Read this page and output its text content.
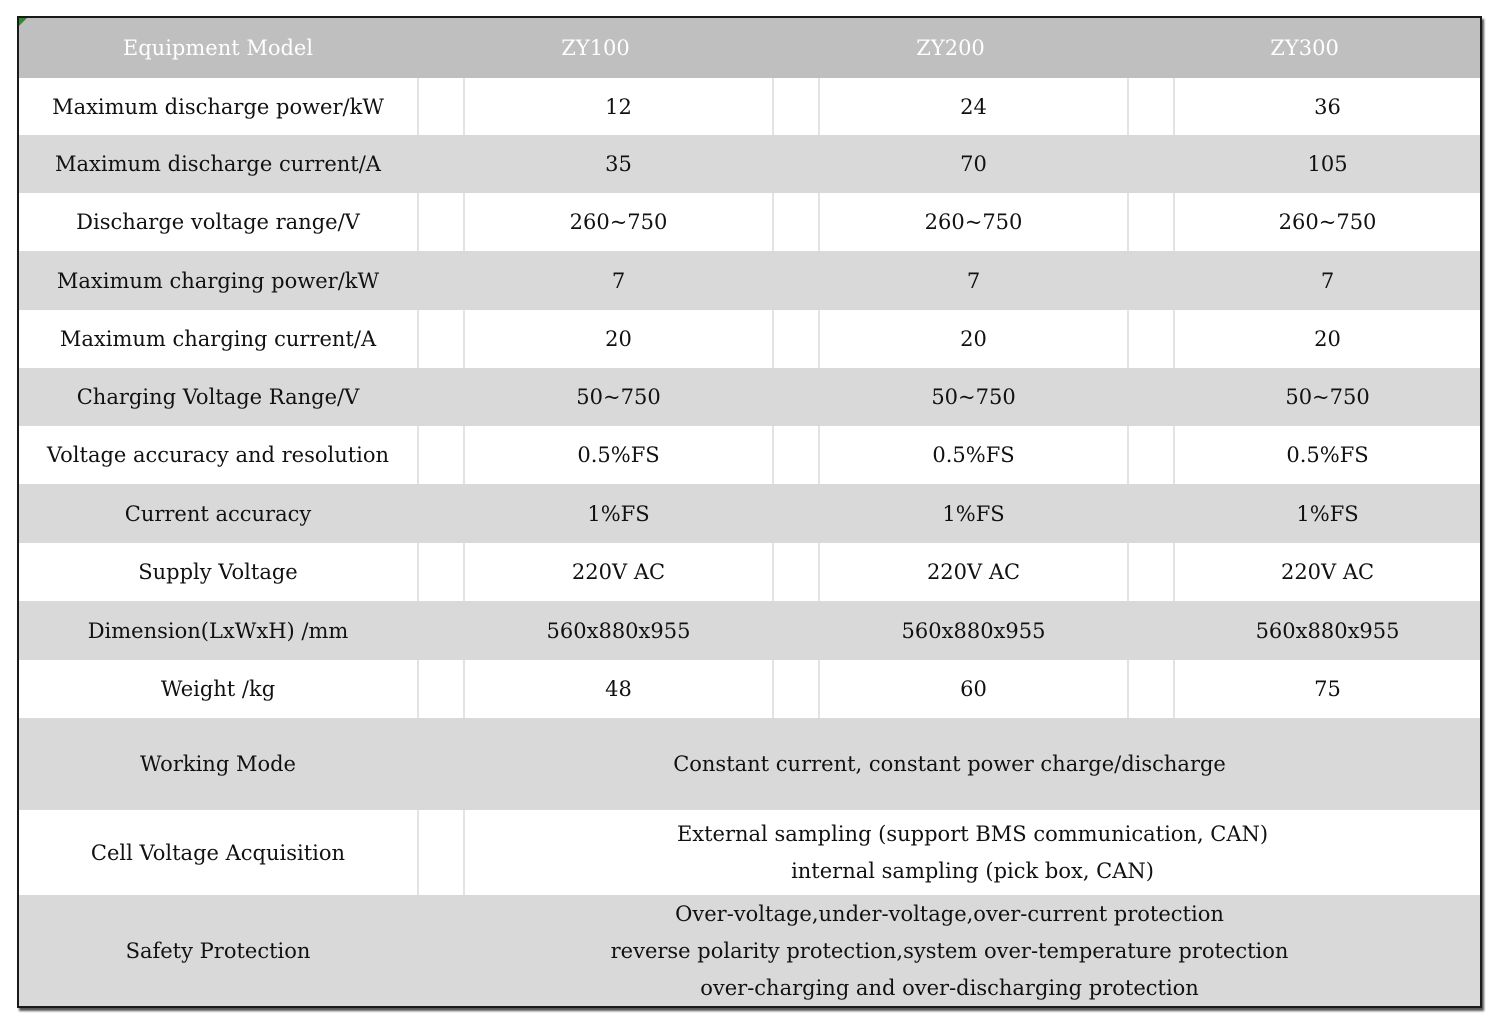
Equipment Model	ZY100		ZY200		ZY300	
Maximum discharge power/kW		12		24		36
Maximum discharge current/A		35		70		105
Discharge voltage range/V		260~750		260~750		260~750
Maximum charging power/kW		7		7		7
Maximum charging current/A		20		20		20
Charging Voltage Range/V		50~750		50~750		50~750
Voltage accuracy and resolution		0.5%FS		0.5%FS		0.5%FS
Current accuracy		1%FS		1%FS		1%FS
Supply Voltage		220V AC		220V AC		220V AC
Dimension(LxWxH) /mm		560x880x955		560x880x955		560x880x955
Weight /kg		48		60		75
Working Mode	Constant current, constant power charge/discharge					
Cell Voltage Acquisition		External sampling (support BMS communication, CAN)
internal sampling (pick box, CAN)				

Safety Protection	Over-voltage,under-voltage,over-current protection
reverse polarity protection,system over-temperature protection
over-charging and over-discharging protection					
